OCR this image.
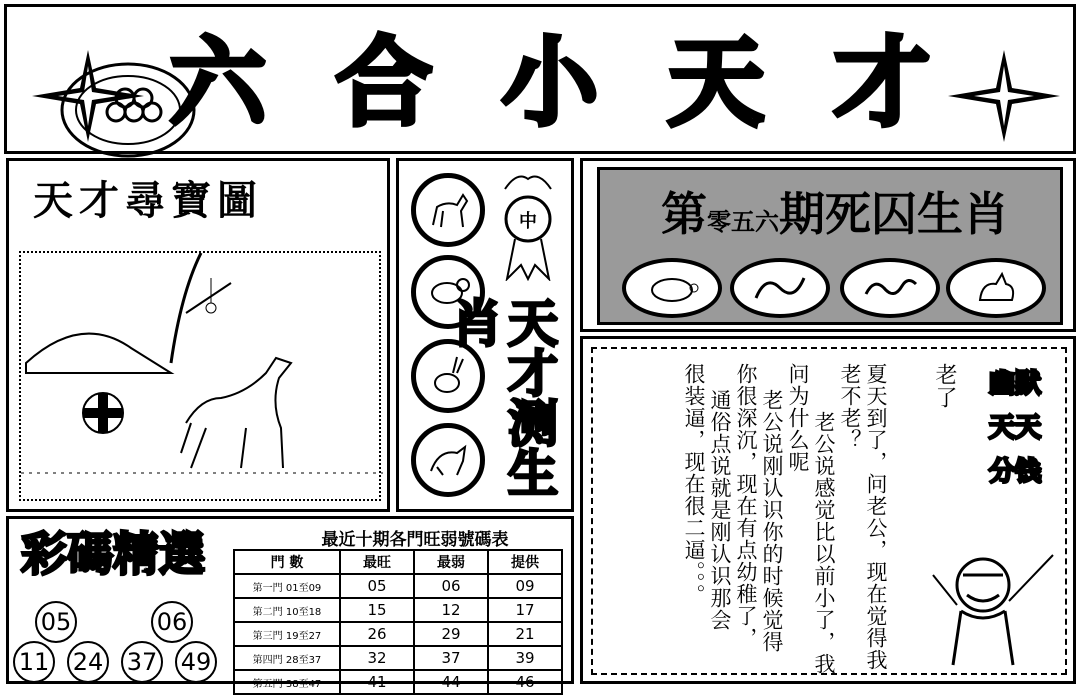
六 合 小 天 才
天才尋寶圖	中
天才测生肖
第 零五六 期死囚生肖
老了
夏天到了，问老公，现在觉得我
老不老？
老公说感觉比以前小了，我
问为什么呢
老公说刚认识你的时候觉得
你很深沉，现在有点幼稚了，
通俗点说就是刚认识那会
很装逼，现在很二逼。。。	幽默
天天
分钱
彩碼精選
05	06
11 24 37 49
最近十期各門旺弱號碼表
門 數	最旺	最弱	提供
第一門 01至09	05	06	09
第二門 10至18	15	12	17
第三門 19至27	26	29	21
第四門 28至37	32	37	39
第五門 38至47	41	44	46
